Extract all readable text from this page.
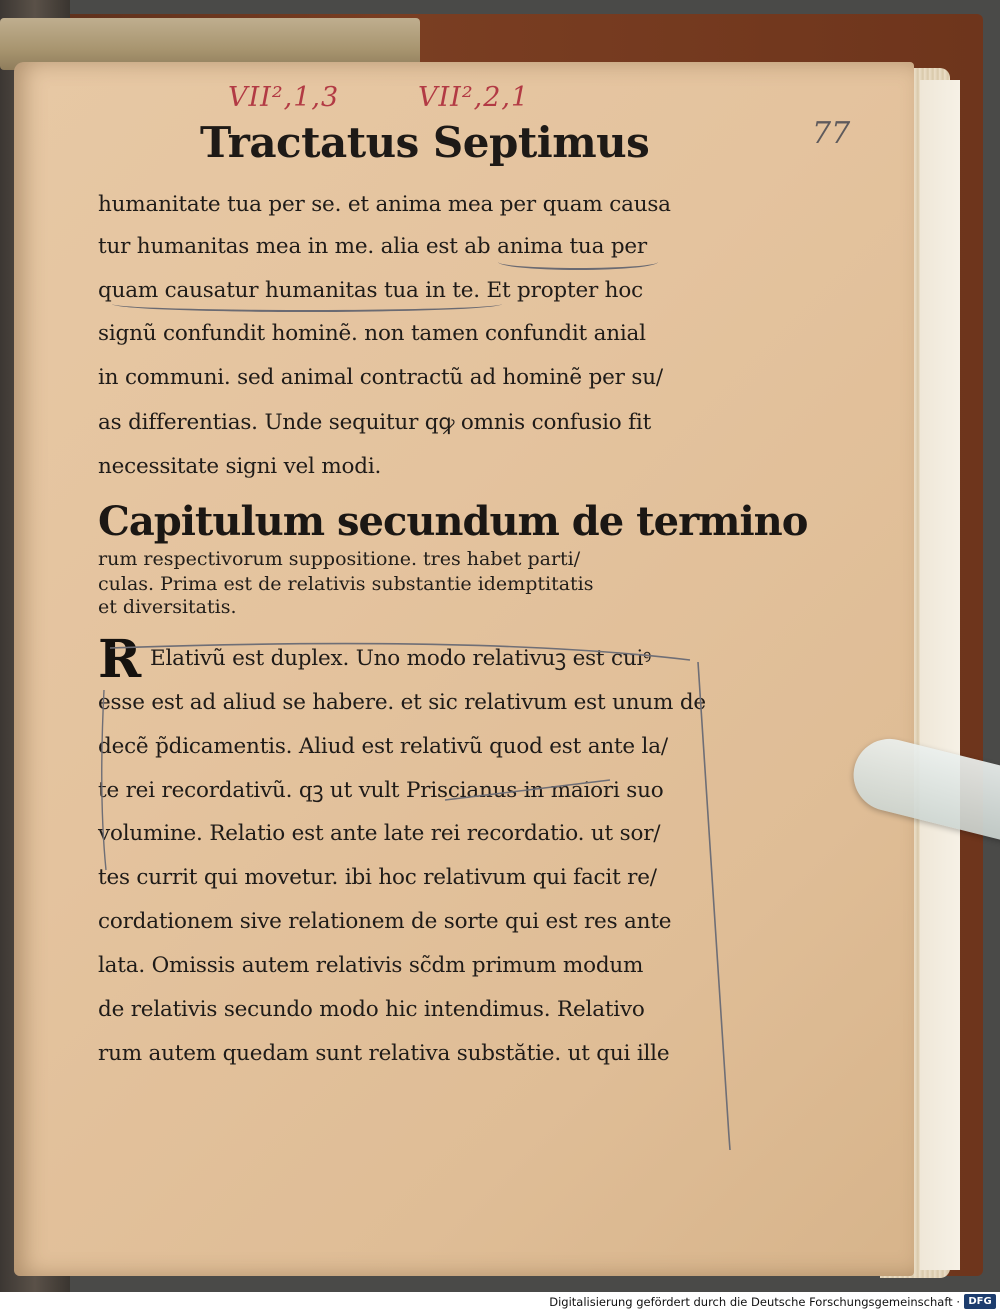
VII²,1,3	VII²,2,1
77
Tractatus Septimus
humanitate tua per se. et anima mea per quam causa
tur humanitas mea in me. alia est ab anima tua per
quam causatur humanitas tua in te. Et propter hoc
signũ confundit hominẽ. non tamen confundit anial
in communi. sed animal contractũ ad hominẽ per su/
as differentias. Unde sequitur qꝙ omnis confusio fit
necessitate signi vel modi.
Capitulum secundum de termino
rum respectivorum suppositione. tres habet parti/
culas. Prima est de relativis substantie idemptitatis
et diversitatis.
R Elativũ est duplex. Uno modo relativuꝫ est cuiꝰ
esse est ad aliud se habere. et sic relativum est unum de
decẽ p̃dicamentis. Aliud est relativũ quod est ante la/
te rei recordativũ. qꝫ ut vult Priscianus in maiori suo
volumine. Relatio est ante late rei recordatio. ut sor/
tes currit qui movetur. ibi hoc relativum qui facit re/
cordationem sive relationem de sorte qui est res ante
lata. Omissis autem relativis sc̃dm primum modum
de relativis secundo modo hic intendimus. Relativo
rum autem quedam sunt relativa substătie. ut qui ille
Digitalisierung gefördert durch die Deutsche Forschungsgemeinschaft · DFG
